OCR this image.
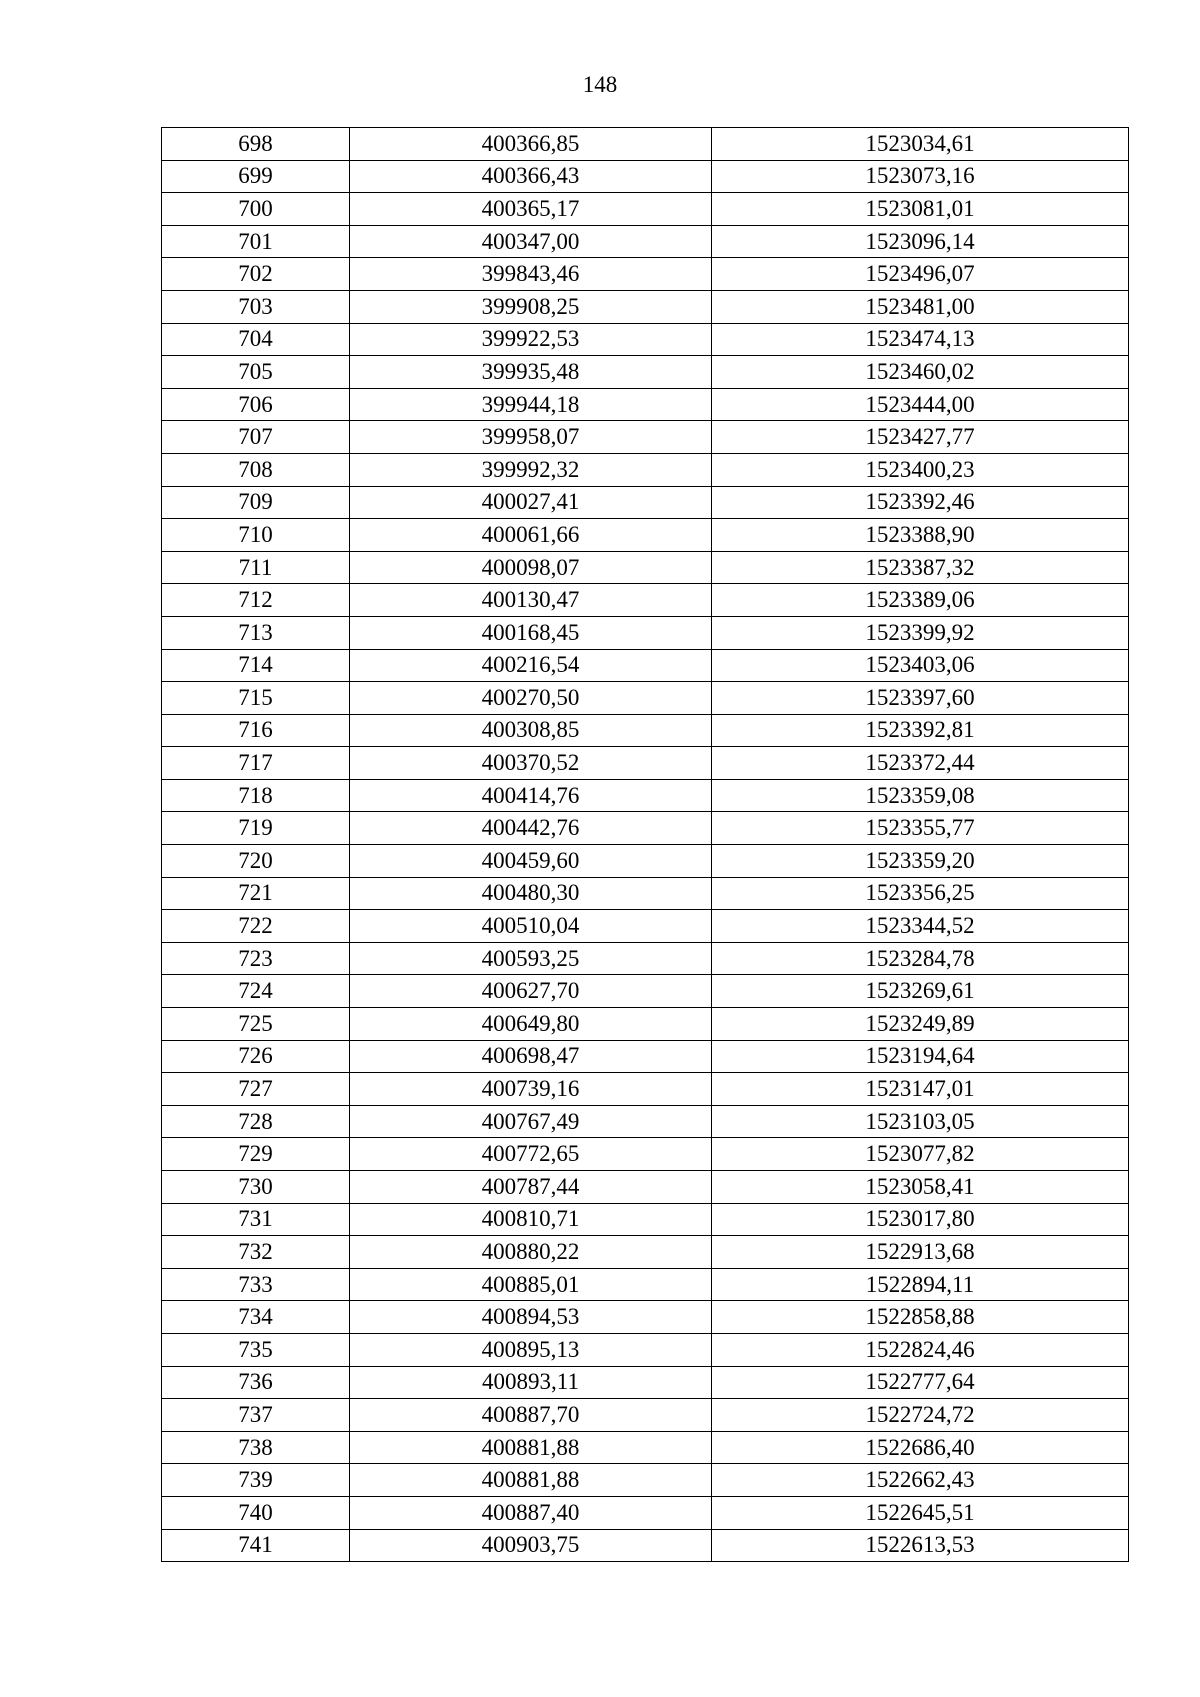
148
698	400366,85	1523034,61
699	400366,43	1523073,16
700	400365,17	1523081,01
701	400347,00	1523096,14
702	399843,46	1523496,07
703	399908,25	1523481,00
704	399922,53	1523474,13
705	399935,48	1523460,02
706	399944,18	1523444,00
707	399958,07	1523427,77
708	399992,32	1523400,23
709	400027,41	1523392,46
710	400061,66	1523388,90
711	400098,07	1523387,32
712	400130,47	1523389,06
713	400168,45	1523399,92
714	400216,54	1523403,06
715	400270,50	1523397,60
716	400308,85	1523392,81
717	400370,52	1523372,44
718	400414,76	1523359,08
719	400442,76	1523355,77
720	400459,60	1523359,20
721	400480,30	1523356,25
722	400510,04	1523344,52
723	400593,25	1523284,78
724	400627,70	1523269,61
725	400649,80	1523249,89
726	400698,47	1523194,64
727	400739,16	1523147,01
728	400767,49	1523103,05
729	400772,65	1523077,82
730	400787,44	1523058,41
731	400810,71	1523017,80
732	400880,22	1522913,68
733	400885,01	1522894,11
734	400894,53	1522858,88
735	400895,13	1522824,46
736	400893,11	1522777,64
737	400887,70	1522724,72
738	400881,88	1522686,40
739	400881,88	1522662,43
740	400887,40	1522645,51
741	400903,75	1522613,53
